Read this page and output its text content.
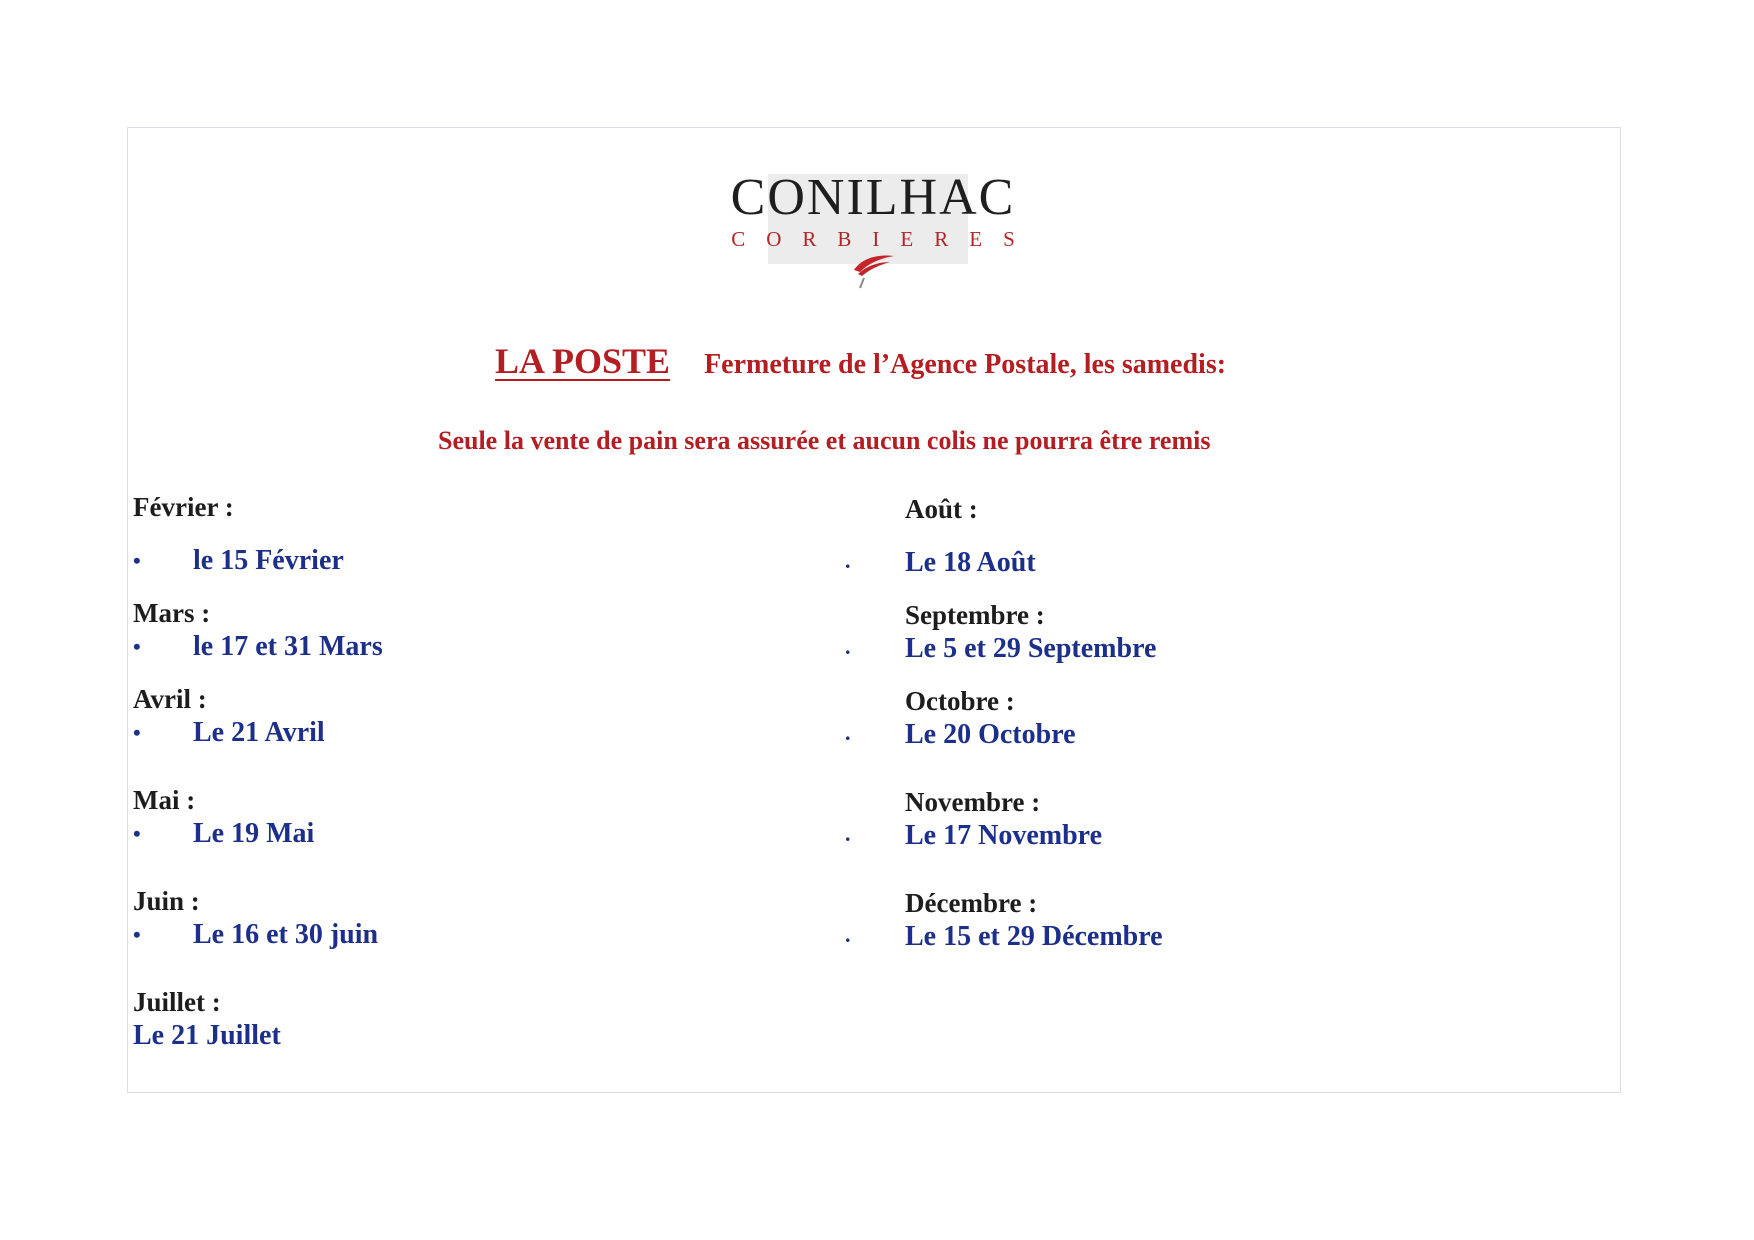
CONILHAC
CORBIERES
LA POSTE Fermeture de l’Agence Postale, les samedis:
Seule la vente de pain sera assurée et aucun colis ne pourra être remis
Février :
• le 15 Février
Mars :
• le 17 et 31 Mars
Avril :
• Le 21 Avril
Mai :
• Le 19 Mai
Juin :
• Le 16 et 30 juin
Juillet :
Le 21 Juillet
Août :
. Le 18 Août
Septembre :
. Le 5 et 29 Septembre
Octobre :
. Le 20 Octobre
Novembre :
. Le 17 Novembre
Décembre :
. Le 15 et 29 Décembre
